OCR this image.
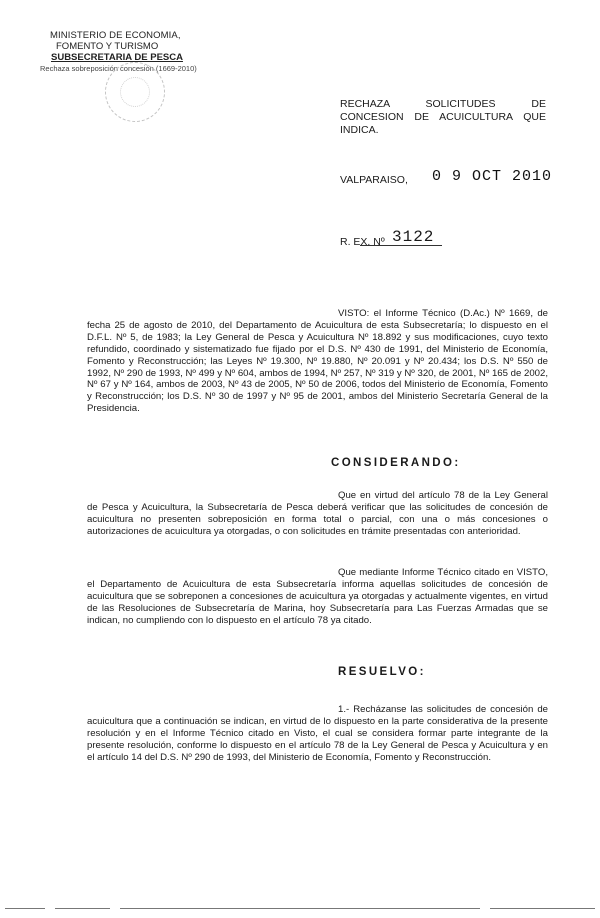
MINISTERIO DE ECONOMIA,
FOMENTO Y TURISMO
SUBSECRETARIA DE PESCA
Rechaza sobreposición concesión (1669-2010)
RECHAZA SOLICITUDES DE CONCESION DE ACUICULTURA QUE INDICA.
VALPARAISO, 0 9 OCT 2010
R. EX. Nº 3122
VISTO: el Informe Técnico (D.Ac.) Nº 1669, de fecha 25 de agosto de 2010, del Departamento de Acuicultura de esta Subsecretaría; lo dispuesto en el D.F.L. Nº 5, de 1983; la Ley General de Pesca y Acuicultura Nº 18.892 y sus modificaciones, cuyo texto refundido, coordinado y sistematizado fue fijado por el D.S. Nº 430 de 1991, del Ministerio de Economía, Fomento y Reconstrucción; las Leyes Nº 19.300, Nº 19.880, Nº 20.091 y Nº 20.434; los D.S. Nº 550 de 1992, Nº 290 de 1993, Nº 499 y Nº 604, ambos de 1994, Nº 257, Nº 319 y Nº 320, de 2001, Nº 165 de 2002, Nº 67 y Nº 164, ambos de 2003, Nº 43 de 2005, Nº 50 de 2006, todos del Ministerio de Economía, Fomento y Reconstrucción; los D.S. Nº 30 de 1997 y Nº 95 de 2001, ambos del Ministerio Secretaría General de la Presidencia.
CONSIDERANDO:
Que en virtud del artículo 78 de la Ley General de Pesca y Acuicultura, la Subsecretaría de Pesca deberá verificar que las solicitudes de concesión de acuicultura no presenten sobreposición en forma total o parcial, con una o más concesiones o autorizaciones de acuicultura ya otorgadas, o con solicitudes en trámite presentadas con anterioridad.
Que mediante Informe Técnico citado en VISTO, el Departamento de Acuicultura de esta Subsecretaría informa aquellas solicitudes de concesión de acuicultura que se sobreponen a concesiones de acuicultura ya otorgadas y actualmente vigentes, en virtud de las Resoluciones de Subsecretaría de Marina, hoy Subsecretaría para Las Fuerzas Armadas que se indican, no cumpliendo con lo dispuesto en el artículo 78 ya citado.
RESUELVO:
1.- Recházanse las solicitudes de concesión de acuicultura que a continuación se indican, en virtud de lo dispuesto en la parte considerativa de la presente resolución y en el Informe Técnico citado en Visto, el cual se considera formar parte integrante de la presente resolución, conforme lo dispuesto en el artículo 78 de la Ley General de Pesca y Acuicultura y en el artículo 14 del D.S. Nº 290 de 1993, del Ministerio de Economía, Fomento y Reconstrucción.
